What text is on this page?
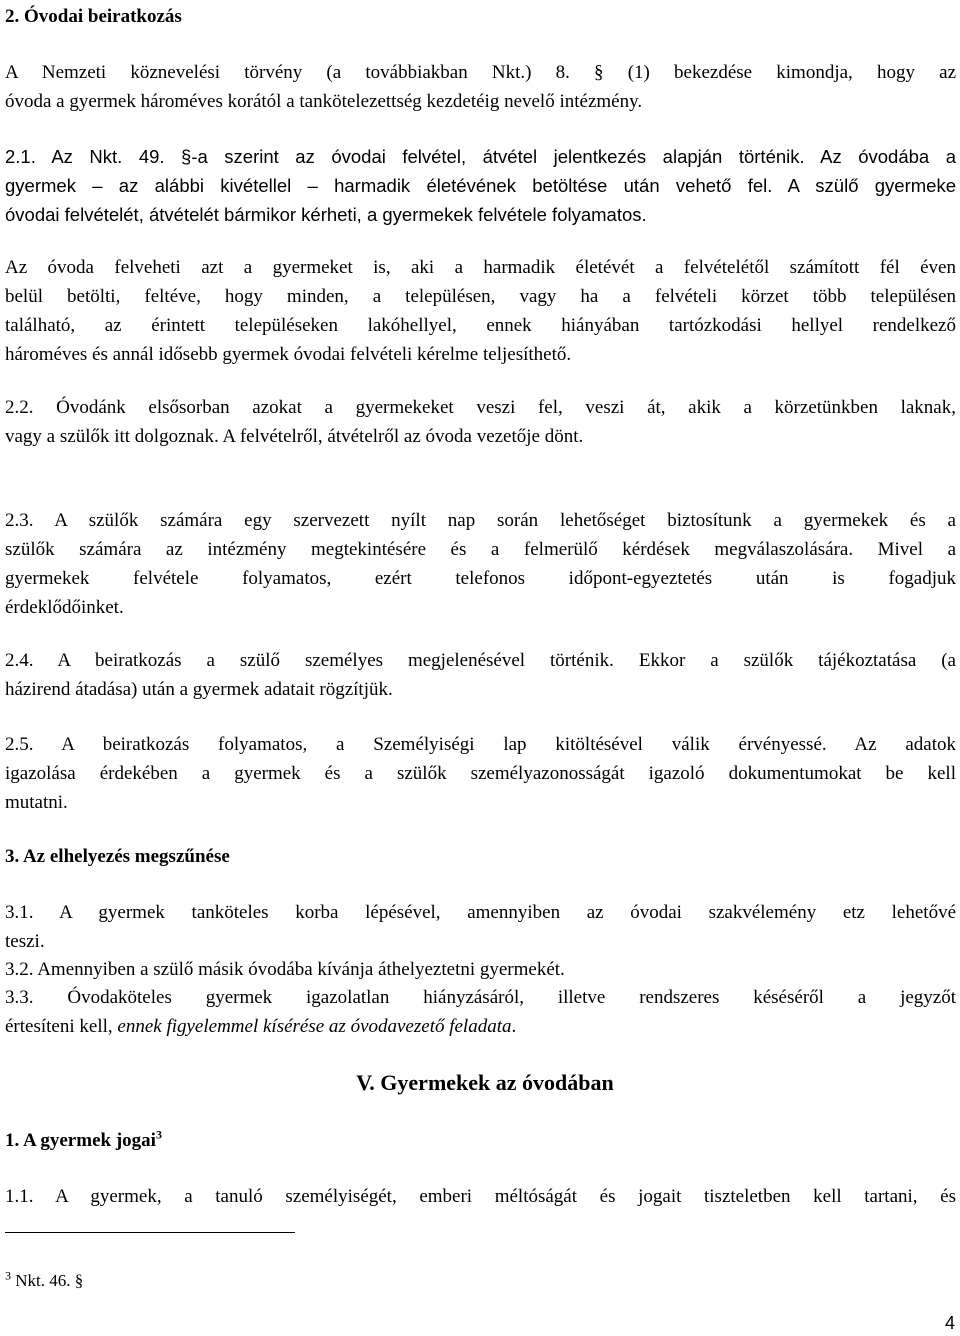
2. Óvodai beiratkozás
A Nemzeti köznevelési törvény (a továbbiakban Nkt.) 8. § (1) bekezdése kimondja, hogy az
óvoda a gyermek hároméves korától a tankötelezettség kezdetéig nevelő intézmény.
2.1. Az Nkt. 49. §-a szerint az óvodai felvétel, átvétel jelentkezés alapján történik. Az óvodába a
gyermek – az alábbi kivétellel – harmadik életévének betöltése után vehető fel. A szülő gyermeke
óvodai felvételét, átvételét bármikor kérheti, a gyermekek felvétele folyamatos.
Az óvoda felveheti azt a gyermeket is, aki a harmadik életévét a felvételétől számított fél éven
belül betölti, feltéve, hogy minden, a településen, vagy ha a felvételi körzet több településen
található, az érintett településeken lakóhellyel, ennek hiányában tartózkodási hellyel rendelkező
hároméves és annál idősebb gyermek óvodai felvételi kérelme teljesíthető.
2.2. Óvodánk elsősorban azokat a gyermekeket veszi fel, veszi át, akik a körzetünkben laknak,
vagy a szülők itt dolgoznak. A felvételről, átvételről az óvoda vezetője dönt.
2.3. A szülők számára egy szervezett nyílt nap során lehetőséget biztosítunk a gyermekek és a
szülők számára az intézmény megtekintésére és a felmerülő kérdések megválaszolására. Mivel a
gyermekek felvétele folyamatos, ezért telefonos időpont-egyeztetés után is fogadjuk
érdeklődőinket.
2.4. A beiratkozás a szülő személyes megjelenésével történik. Ekkor a szülők tájékoztatása (a
házirend átadása) után a gyermek adatait rögzítjük.
2.5. A beiratkozás folyamatos, a Személyiségi lap kitöltésével válik érvényessé. Az adatok
igazolása érdekében a gyermek és a szülők személyazonosságát igazoló dokumentumokat be kell
mutatni.
3. Az elhelyezés megszűnése
3.1. A gyermek tanköteles korba lépésével, amennyiben az óvodai szakvélemény etz lehetővé
teszi.
3.2. Amennyiben a szülő másik óvodába kívánja áthelyeztetni gyermekét.
3.3. Óvodaköteles gyermek igazolatlan hiányzásáról, illetve rendszeres késéséről a jegyzőt
értesíteni kell, ennek figyelemmel kísérése az óvodavezető feladata.
V. Gyermekek az óvodában
1. A gyermek jogai$^3$
1.1. A gyermek, a tanuló személyiségét, emberi méltóságát és jogait tiszteletben kell tartani, és
$^3$ Nkt. 46. §
4
